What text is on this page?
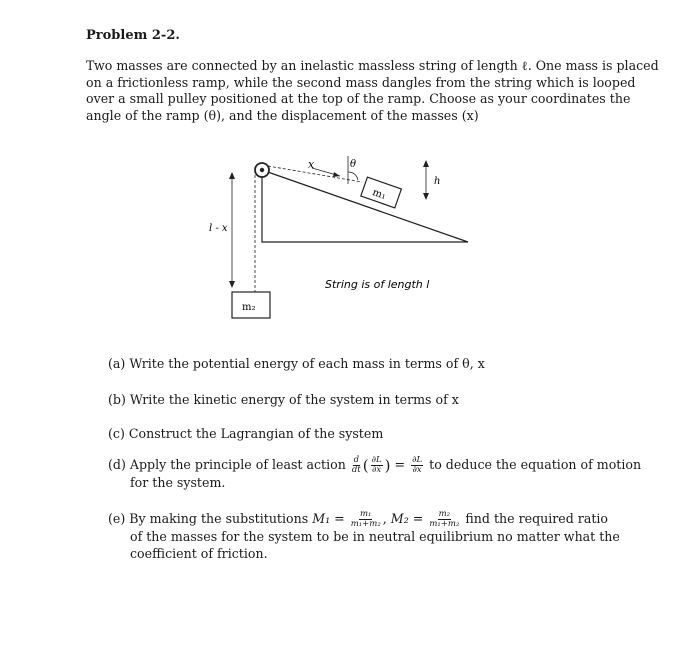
Problem 2-2.
Two masses are connected by an inelastic massless string of length ℓ. One mass is placed
on a frictionless ramp, while the second mass dangles from the string which is looped
over a small pulley positioned at the top of the ramp. Choose as your coordinates the
angle of the ramp (θ), and the displacement of the masses (x)
x	θ
m₁
h
l - x
m₂
String is of length l
(a) Write the potential energy of each mass in terms of θ, x
(b) Write the kinetic energy of the system in terms of x
(c) Construct the Lagrangian of the system
(d) Apply the principle of least action $\frac{d}{dt}$ ( $\frac{\partial L}{\text{∂ẋ}}$ ) = $\frac{\partial L}{\partial x}$ to deduce the equation of motion
for the system.
(e) By making the substitutions $M_1 = \frac{\text{m₁}}{\text{m₁+m₂}}$ , $M_2 = \frac{\text{m₂}}{\text{m₁+m₂}}$ find the required ratio
of the masses for the system to be in neutral equilibrium no matter what the
coefficient of friction.
